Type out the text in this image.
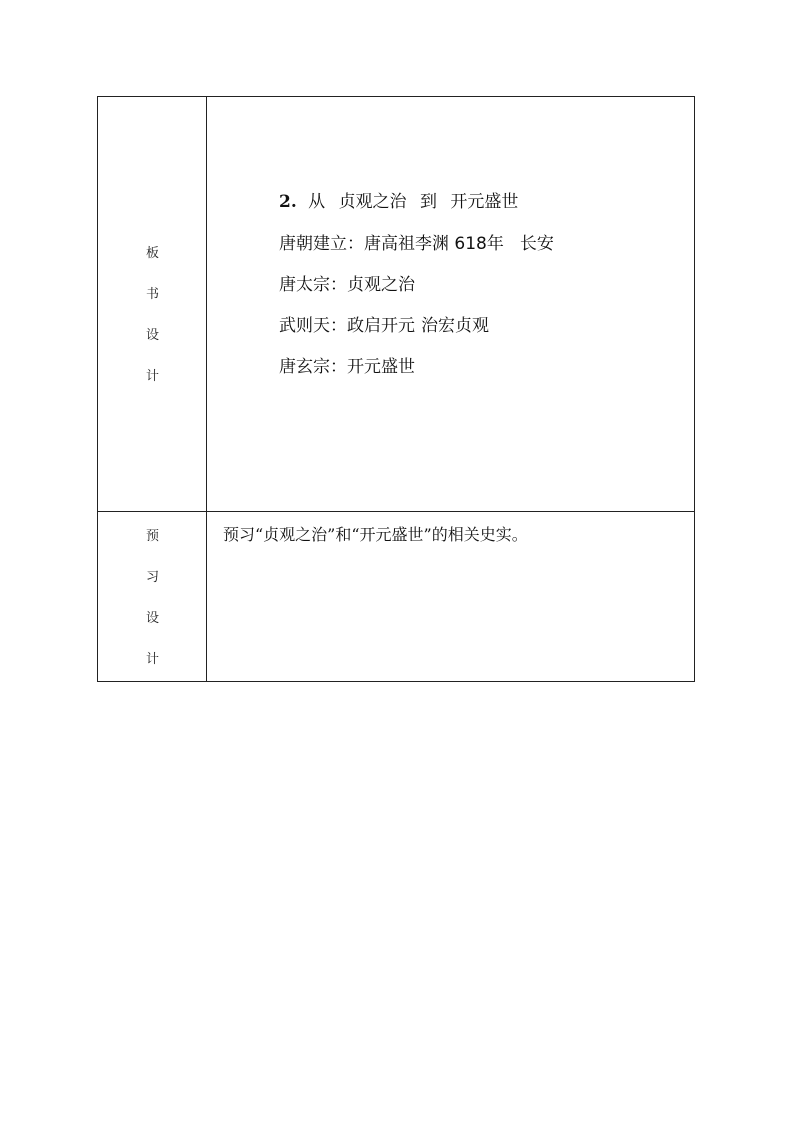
板
书
设
计
2. 从 贞观之治 到 开元盛世
唐朝建立：唐高祖李渊 618年 长安
唐太宗：贞观之治
武则天：政启开元 治宏贞观
唐玄宗：开元盛世
预
习
设
计
预习“贞观之治”和“开元盛世”的相关史实。
